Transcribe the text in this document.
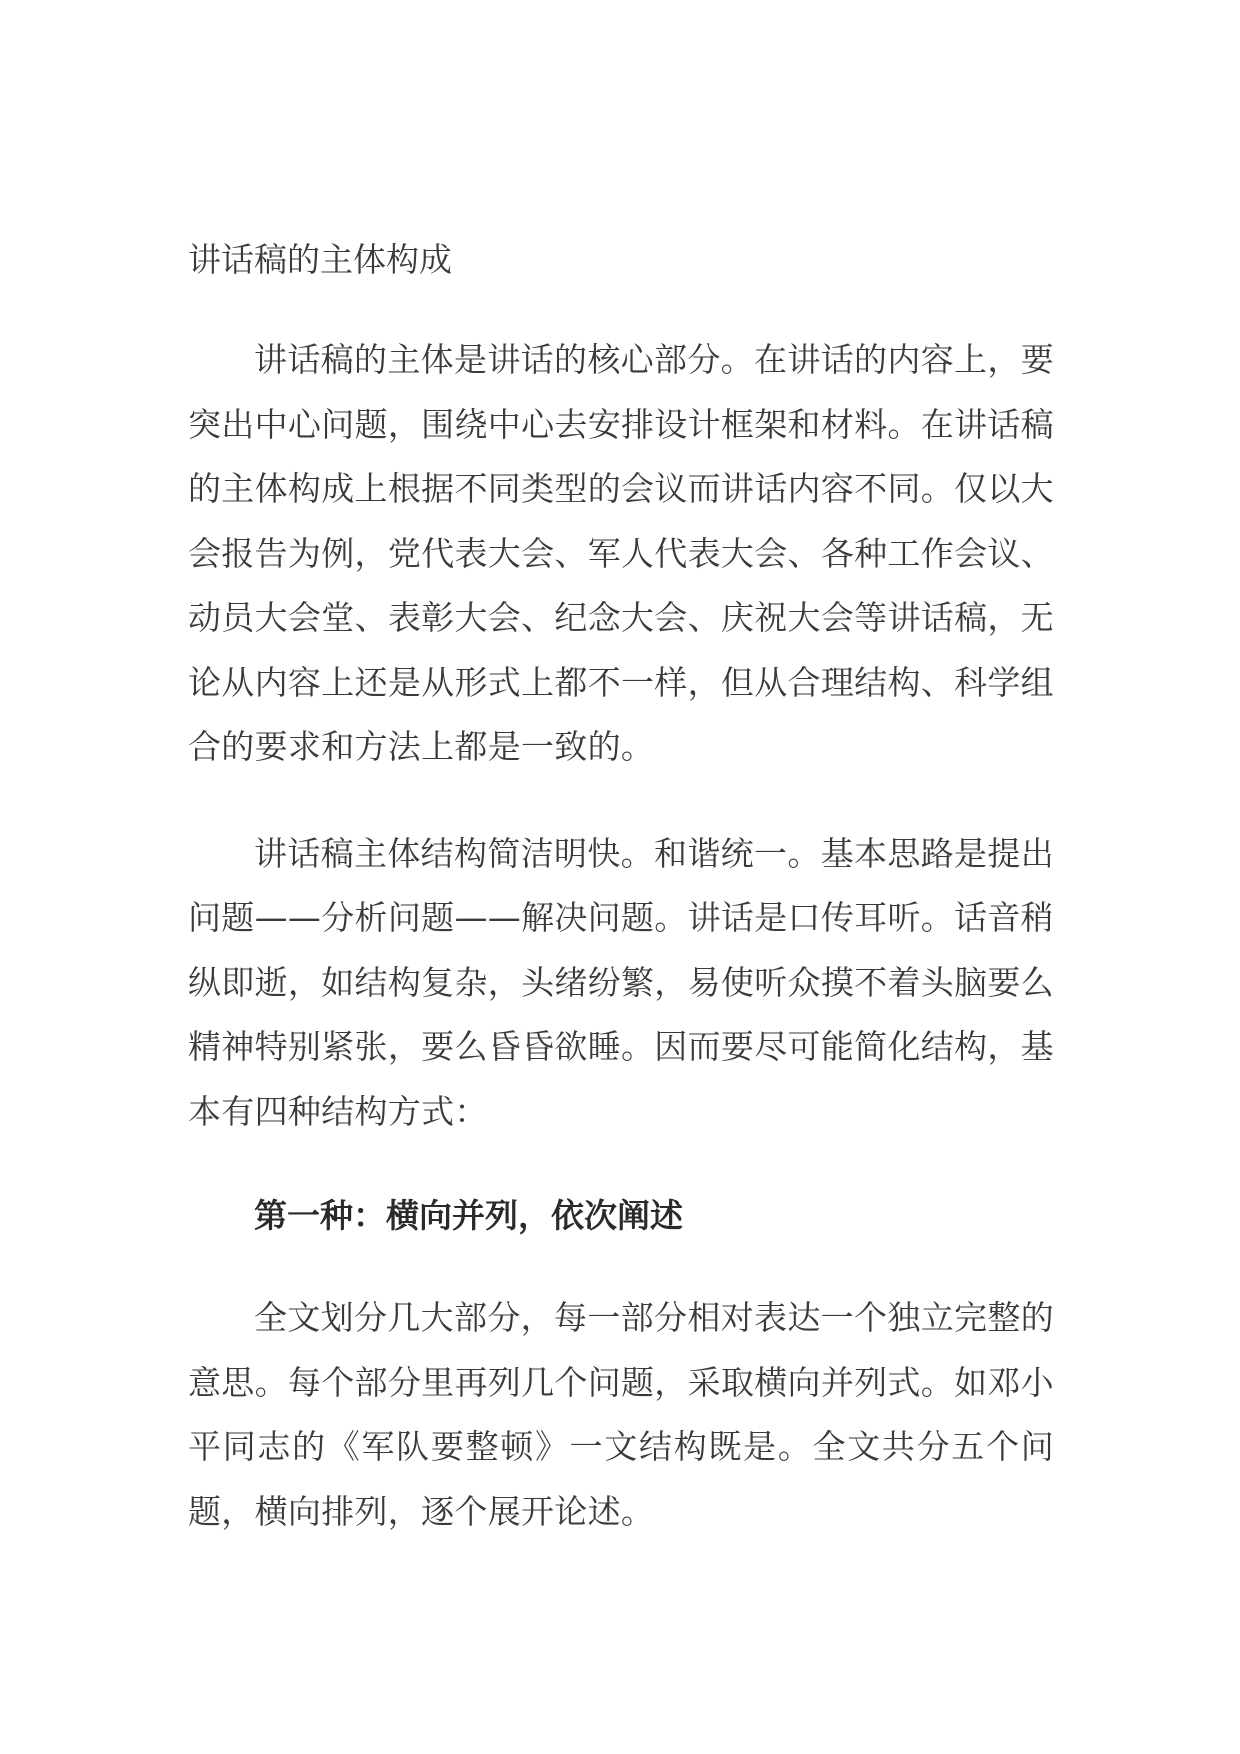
讲话稿的主体构成

讲话稿的主体是讲话的核心部分。在讲话的内容上，要突出中心问题，围绕中心去安排设计框架和材料。在讲话稿的主体构成上根据不同类型的会议而讲话内容不同。仅以大会报告为例，党代表大会、军人代表大会、各种工作会议、动员大会堂、表彰大会、纪念大会、庆祝大会等讲话稿，无论从内容上还是从形式上都不一样，但从合理结构、科学组合的要求和方法上都是一致的。

讲话稿主体结构简洁明快。和谐统一。基本思路是提出问题——分析问题——解决问题。讲话是口传耳听。话音稍纵即逝，如结构复杂，头绪纷繁，易使听众摸不着头脑要么精神特别紧张，要么昏昏欲睡。因而要尽可能简化结构，基本有四种结构方式：

第一种：横向并列，依次阐述

全文划分几大部分，每一部分相对表达一个独立完整的意思。每个部分里再列几个问题，采取横向并列式。如邓小平同志的《军队要整顿》一文结构既是。全文共分五个问题，横向排列，逐个展开论述。
